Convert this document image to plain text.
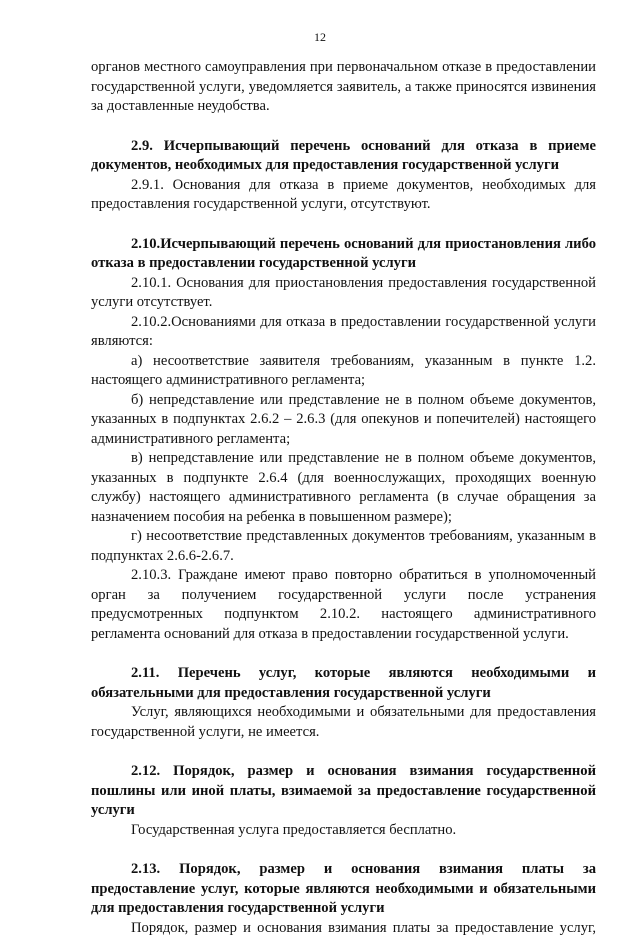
12

органов местного самоуправления при первоначальном отказе в предоставлении государственной услуги, уведомляется заявитель, а также приносятся извинения за доставленные неудобства.

2.9. Исчерпывающий перечень оснований для отказа в приеме документов, необходимых для предоставления государственной услуги

2.9.1. Основания для отказа в приеме документов, необходимых для предоставления государственной услуги, отсутствуют.

2.10.Исчерпывающий перечень оснований для приостановления либо отказа в предоставлении государственной услуги

2.10.1. Основания для приостановления предоставления государственной услуги отсутствует.

2.10.2.Основаниями для отказа в предоставлении государственной услуги являются:

а) несоответствие заявителя требованиям, указанным в пункте 1.2. настоящего административного регламента;

б) непредставление или представление не в полном объеме документов, указанных в подпунктах 2.6.2 – 2.6.3 (для опекунов и попечителей) настоящего административного регламента;

в) непредставление или представление не в полном объеме документов, указанных в подпункте 2.6.4 (для военнослужащих, проходящих военную службу) настоящего административного регламента (в случае обращения за назначением пособия на ребенка в повышенном размере);

г) несоответствие представленных документов требованиям, указанным в подпунктах 2.6.6-2.6.7.

2.10.3. Граждане имеют право повторно обратиться в уполномоченный орган за получением государственной услуги после устранения предусмотренных подпунктом 2.10.2. настоящего административного регламента оснований для отказа в предоставлении государственной услуги.

2.11. Перечень услуг, которые являются необходимыми и обязательными для предоставления государственной услуги

Услуг, являющихся необходимыми и обязательными для предоставления государственной услуги, не имеется.

2.12. Порядок, размер и основания взимания государственной пошлины или иной платы, взимаемой за предоставление государственной услуги

Государственная услуга предоставляется бесплатно.

2.13. Порядок, размер и основания взимания платы за предоставление услуг, которые являются необходимыми и обязательными для предоставления государственной услуги

Порядок, размер и основания взимания платы за предоставление услуг,
